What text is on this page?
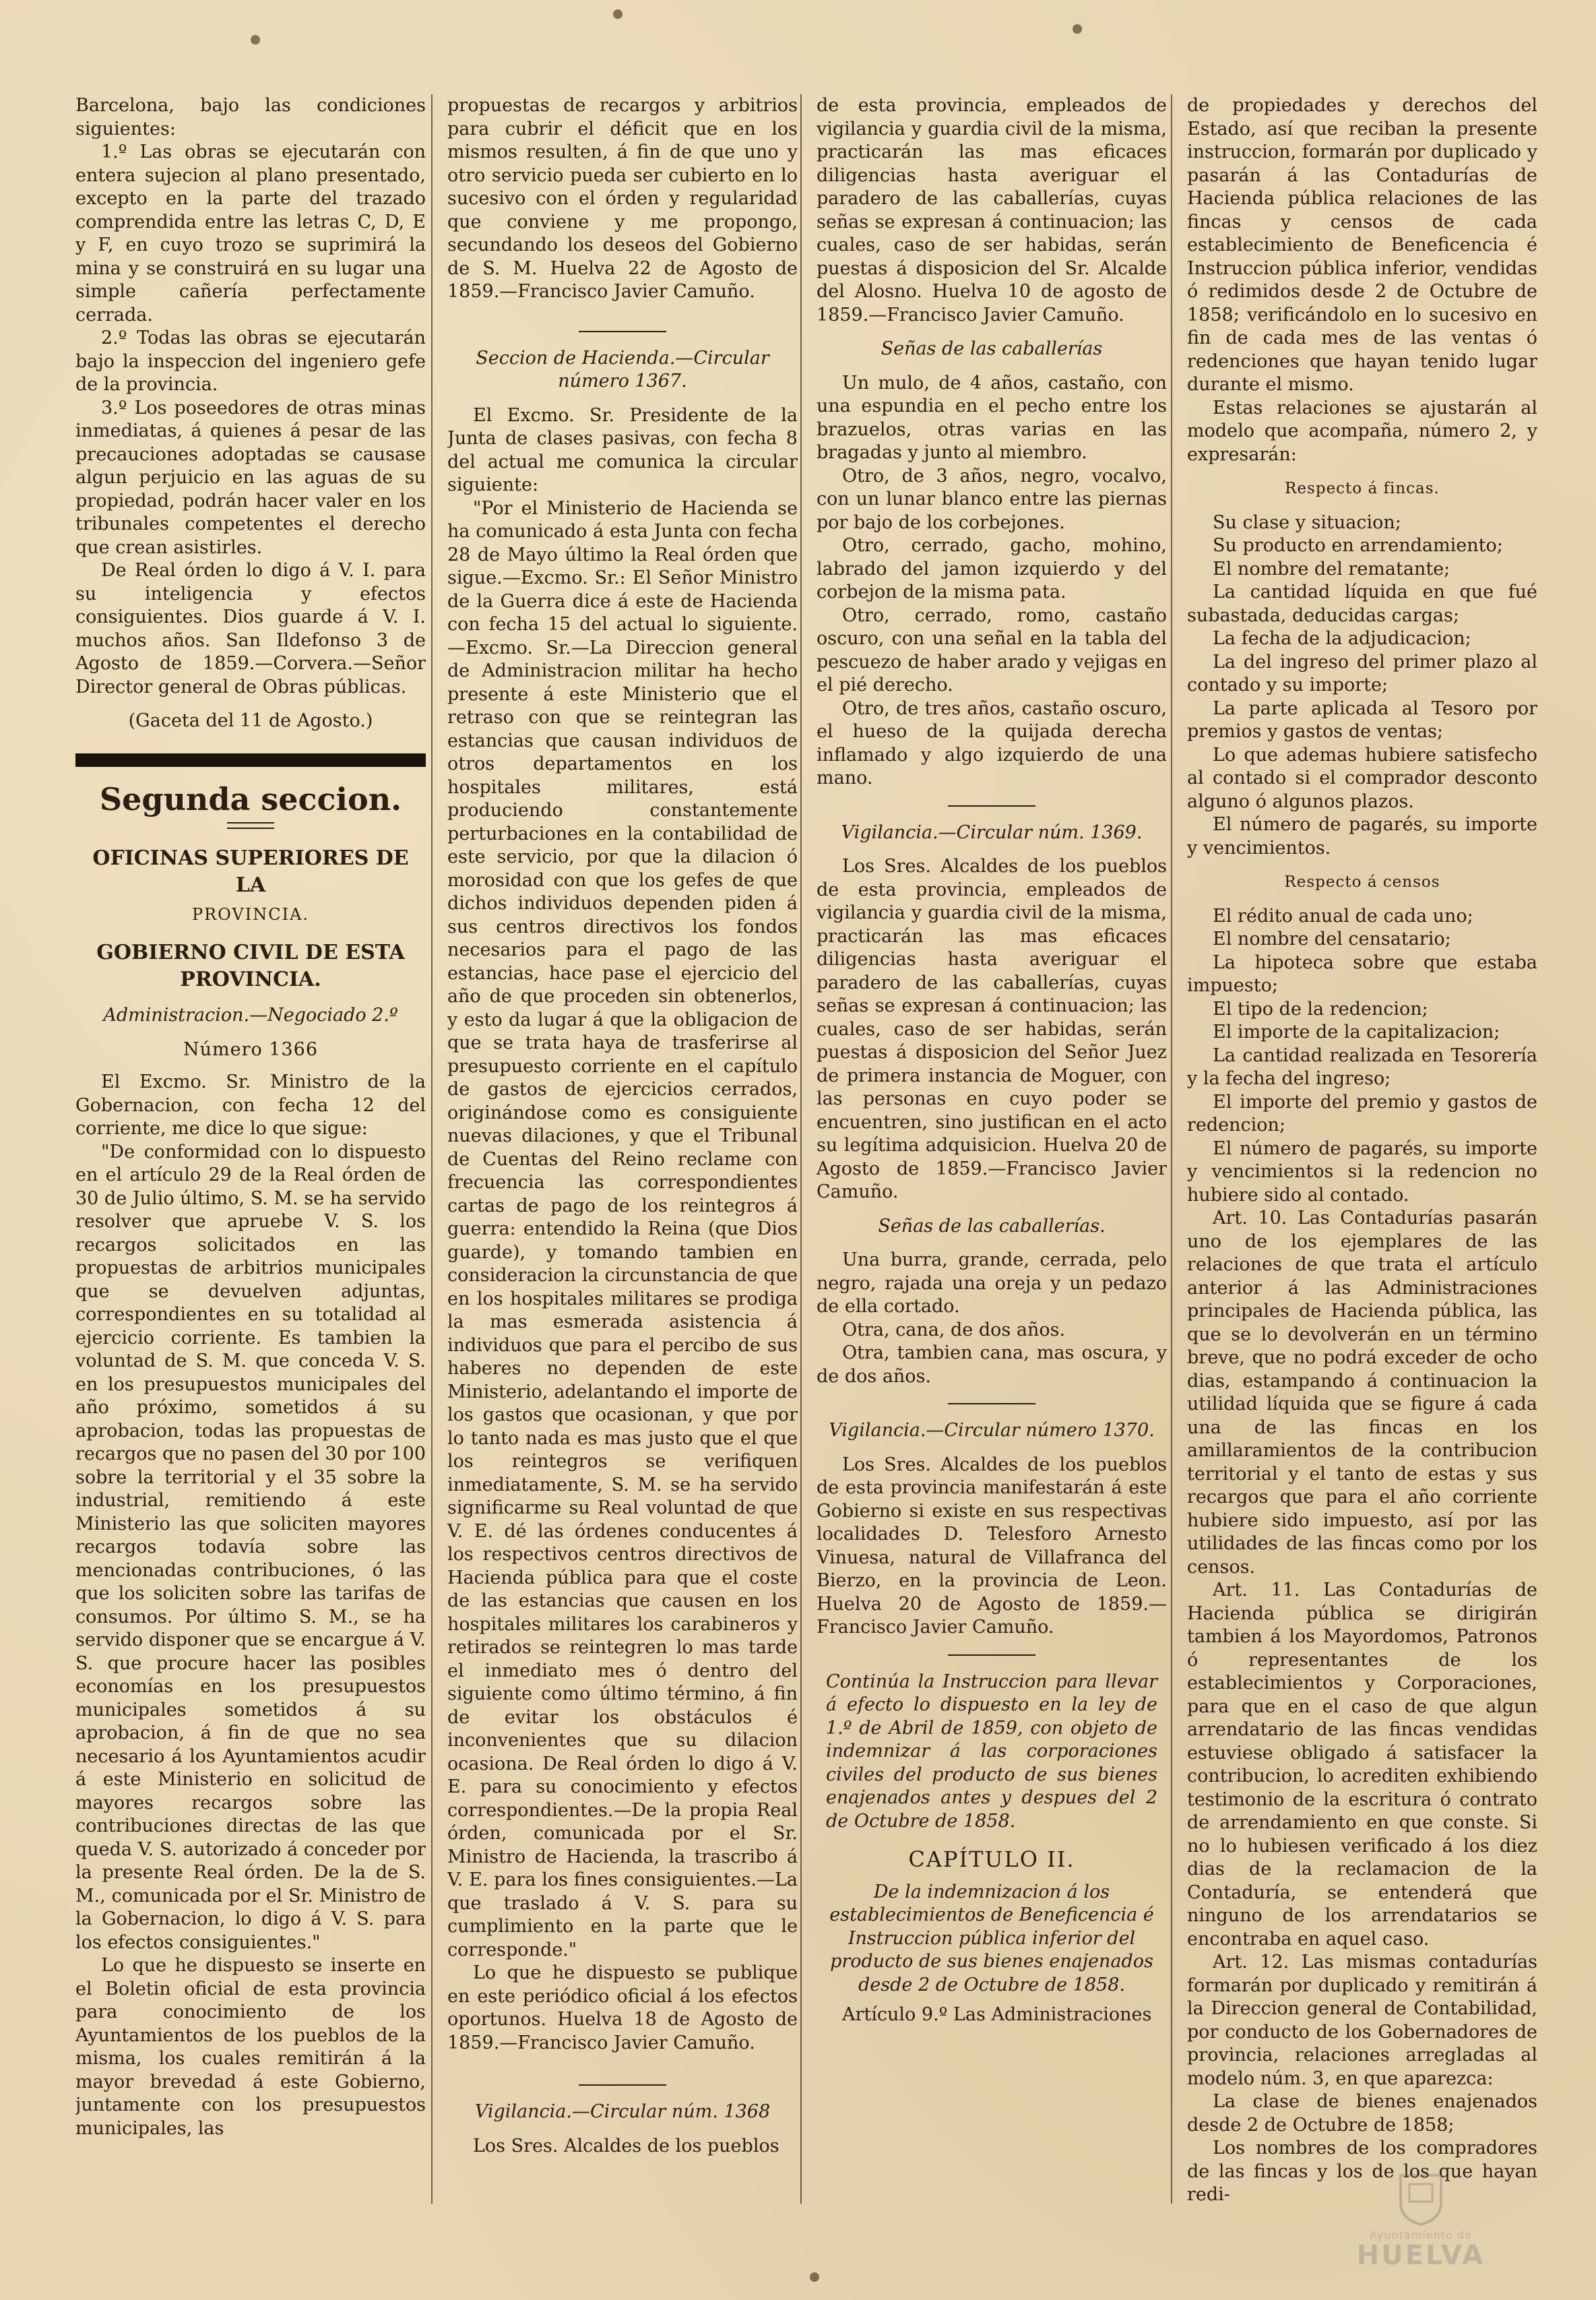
Barcelona, bajo las condiciones siguientes:

1.º Las obras se ejecutarán con entera sujecion al plano presentado, excepto en la parte del trazado comprendida entre las letras C, D, E y F, en cuyo trozo se suprimirá la mina y se construirá en su lugar una simple cañería perfectamente cerrada.

2.º Todas las obras se ejecutarán bajo la inspeccion del ingeniero gefe de la provincia.

3.º Los poseedores de otras minas inmediatas, á quienes á pesar de las precauciones adoptadas se causase algun perjuicio en las aguas de su propiedad, podrán hacer valer en los tribunales competentes el derecho que crean asistirles.

De Real órden lo digo á V. I. para su inteligencia y efectos consiguientes. Dios guarde á V. I. muchos años. San Ildefonso 3 de Agosto de 1859.—Corvera.—Señor Director general de Obras públicas.

(Gaceta del 11 de Agosto.)

Segunda seccion.
OFICINAS SUPERIORES DE LA

PROVINCIA.

GOBIERNO CIVIL DE ESTA PROVINCIA.

Administracion.—Negociado 2.º

Número 1366

El Excmo. Sr. Ministro de la Gobernacion, con fecha 12 del corriente, me dice lo que sigue:

"De conformidad con lo dispuesto en el artículo 29 de la Real órden de 30 de Julio último, S. M. se ha servido resolver que apruebe V. S. los recargos solicitados en las propuestas de arbitrios municipales que se devuelven adjuntas, correspondientes en su totalidad al ejercicio corriente. Es tambien la voluntad de S. M. que conceda V. S. en los presupuestos municipales del año próximo, sometidos á su aprobacion, todas las propuestas de recargos que no pasen del 30 por 100 sobre la territorial y el 35 sobre la industrial, remitiendo á este Ministerio las que soliciten mayores recargos todavía sobre las mencionadas contribuciones, ó las que los soliciten sobre las tarifas de consumos. Por último S. M., se ha servido disponer que se encargue á V. S. que procure hacer las posibles economías en los presupuestos municipales sometidos á su aprobacion, á fin de que no sea necesario á los Ayuntamientos acudir á este Ministerio en solicitud de mayores recargos sobre las contribuciones directas de las que queda V. S. autorizado á conceder por la presente Real órden. De la de S. M., comunicada por el Sr. Ministro de la Gobernacion, lo digo á V. S. para los efectos consiguientes."

Lo que he dispuesto se inserte en el Boletin oficial de esta provincia para conocimiento de los Ayuntamientos de los pueblos de la misma, los cuales remitirán á la mayor brevedad á este Gobierno, juntamente con los presupuestos municipales, las

propuestas de recargos y arbitrios para cubrir el déficit que en los mismos resulten, á fin de que uno y otro servicio pueda ser cubierto en lo sucesivo con el órden y regularidad que conviene y me propongo, secundando los deseos del Gobierno de S. M. Huelva 22 de Agosto de 1859.—Francisco Javier Camuño.

Seccion de Hacienda.—Circular número 1367.

El Excmo. Sr. Presidente de la Junta de clases pasivas, con fecha 8 del actual me comunica la circular siguiente:

"Por el Ministerio de Hacienda se ha comunicado á esta Junta con fecha 28 de Mayo último la Real órden que sigue.—Excmo. Sr.: El Señor Ministro de la Guerra dice á este de Hacienda con fecha 15 del actual lo siguiente.—Excmo. Sr.—La Direccion general de Administracion militar ha hecho presente á este Ministerio que el retraso con que se reintegran las estancias que causan individuos de otros departamentos en los hospitales militares, está produciendo constantemente perturbaciones en la contabilidad de este servicio, por que la dilacion ó morosidad con que los gefes de que dichos individuos dependen piden á sus centros directivos los fondos necesarios para el pago de las estancias, hace pase el ejercicio del año de que proceden sin obtenerlos, y esto da lugar á que la obligacion de que se trata haya de trasferirse al presupuesto corriente en el capítulo de gastos de ejercicios cerrados, originándose como es consiguiente nuevas dilaciones, y que el Tribunal de Cuentas del Reino reclame con frecuencia las correspondientes cartas de pago de los reintegros á guerra: entendido la Reina (que Dios guarde), y tomando tambien en consideracion la circunstancia de que en los hospitales militares se prodiga la mas esmerada asistencia á individuos que para el percibo de sus haberes no dependen de este Ministerio, adelantando el importe de los gastos que ocasionan, y que por lo tanto nada es mas justo que el que los reintegros se verifiquen inmediatamente, S. M. se ha servido significarme su Real voluntad de que V. E. dé las órdenes conducentes á los respectivos centros directivos de Hacienda pública para que el coste de las estancias que causen en los hospitales militares los carabineros y retirados se reintegren lo mas tarde el inmediato mes ó dentro del siguiente como último término, á fin de evitar los obstáculos é inconvenientes que su dilacion ocasiona. De Real órden lo digo á V. E. para su conocimiento y efectos correspondientes.—De la propia Real órden, comunicada por el Sr. Ministro de Hacienda, la trascribo á V. E. para los fines consiguientes.—La que traslado á V. S. para su cumplimiento en la parte que le corresponde."

Lo que he dispuesto se publique en este periódico oficial á los efectos oportunos. Huelva 18 de Agosto de 1859.—Francisco Javier Camuño.

Vigilancia.—Circular núm. 1368

Los Sres. Alcaldes de los pueblos

de esta provincia, empleados de vigilancia y guardia civil de la misma, practicarán las mas eficaces diligencias hasta averiguar el paradero de las caballerías, cuyas señas se expresan á continuacion; las cuales, caso de ser habidas, serán puestas á disposicion del Sr. Alcalde del Alosno. Huelva 10 de agosto de 1859.—Francisco Javier Camuño.

Señas de las caballerías

Un mulo, de 4 años, castaño, con una espundia en el pecho entre los brazuelos, otras varias en las bragadas y junto al miembro.

Otro, de 3 años, negro, vocalvo, con un lunar blanco entre las piernas por bajo de los corbejones.

Otro, cerrado, gacho, mohino, labrado del jamon izquierdo y del corbejon de la misma pata.

Otro, cerrado, romo, castaño oscuro, con una señal en la tabla del pescuezo de haber arado y vejigas en el pié derecho.

Otro, de tres años, castaño oscuro, el hueso de la quijada derecha inflamado y algo izquierdo de una mano.

Vigilancia.—Circular núm. 1369.

Los Sres. Alcaldes de los pueblos de esta provincia, empleados de vigilancia y guardia civil de la misma, practicarán las mas eficaces diligencias hasta averiguar el paradero de las caballerías, cuyas señas se expresan á continuacion; las cuales, caso de ser habidas, serán puestas á disposicion del Señor Juez de primera instancia de Moguer, con las personas en cuyo poder se encuentren, sino justifican en el acto su legítima adquisicion. Huelva 20 de Agosto de 1859.—Francisco Javier Camuño.

Señas de las caballerías.

Una burra, grande, cerrada, pelo negro, rajada una oreja y un pedazo de ella cortado.

Otra, cana, de dos años.

Otra, tambien cana, mas oscura, y de dos años.

Vigilancia.—Circular número 1370.

Los Sres. Alcaldes de los pueblos de esta provincia manifestarán á este Gobierno si existe en sus respectivas localidades D. Telesforo Arnesto Vinuesa, natural de Villafranca del Bierzo, en la provincia de Leon. Huelva 20 de Agosto de 1859.—Francisco Javier Camuño.

Continúa la Instruccion para llevar á efecto lo dispuesto en la ley de 1.º de Abril de 1859, con objeto de indemnizar á las corporaciones civiles del producto de sus bienes enajenados antes y despues del 2 de Octubre de 1858.

CAPÍTULO II.

De la indemnizacion á los establecimientos de Beneficencia é Instruccion pública inferior del producto de sus bienes enajenados desde 2 de Octubre de 1858.

Artículo 9.º Las Administraciones

de propiedades y derechos del Estado, así que reciban la presente instruccion, formarán por duplicado y pasarán á las Contadurías de Hacienda pública relaciones de las fincas y censos de cada establecimiento de Beneficencia é Instruccion pública inferior, vendidas ó redimidos desde 2 de Octubre de 1858; verificándolo en lo sucesivo en fin de cada mes de las ventas ó redenciones que hayan tenido lugar durante el mismo.

Estas relaciones se ajustarán al modelo que acompaña, número 2, y expresarán:

Respecto á fincas.

Su clase y situacion;

Su producto en arrendamiento;

El nombre del rematante;

La cantidad líquida en que fué subastada, deducidas cargas;

La fecha de la adjudicacion;

La del ingreso del primer plazo al contado y su importe;

La parte aplicada al Tesoro por premios y gastos de ventas;

Lo que ademas hubiere satisfecho al contado si el comprador desconto alguno ó algunos plazos.

El número de pagarés, su importe y vencimientos.

Respecto á censos

El rédito anual de cada uno;

El nombre del censatario;

La hipoteca sobre que estaba impuesto;

El tipo de la redencion;

El importe de la capitalizacion;

La cantidad realizada en Tesorería y la fecha del ingreso;

El importe del premio y gastos de redencion;

El número de pagarés, su importe y vencimientos si la redencion no hubiere sido al contado.

Art. 10. Las Contadurías pasarán uno de los ejemplares de las relaciones de que trata el artículo anterior á las Administraciones principales de Hacienda pública, las que se lo devolverán en un término breve, que no podrá exceder de ocho dias, estampando á continuacion la utilidad líquida que se figure á cada una de las fincas en los amillaramientos de la contribucion territorial y el tanto de estas y sus recargos que para el año corriente hubiere sido impuesto, así por las utilidades de las fincas como por los censos.

Art. 11. Las Contadurías de Hacienda pública se dirigirán tambien á los Mayordomos, Patronos ó representantes de los establecimientos y Corporaciones, para que en el caso de que algun arrendatario de las fincas vendidas estuviese obligado á satisfacer la contribucion, lo acrediten exhibiendo testimonio de la escritura ó contrato de arrendamiento en que conste. Si no lo hubiesen verificado á los diez dias de la reclamacion de la Contaduría, se entenderá que ninguno de los arrendatarios se encontraba en aquel caso.

Art. 12. Las mismas contadurías formarán por duplicado y remitirán á la Direccion general de Contabilidad, por conducto de los Gobernadores de provincia, relaciones arregladas al modelo núm. 3, en que aparezca:

La clase de bienes enajenados desde 2 de Octubre de 1858;

Los nombres de los compradores de las fincas y los de los que hayan redi-

Ayuntamiento de
HUELVA
